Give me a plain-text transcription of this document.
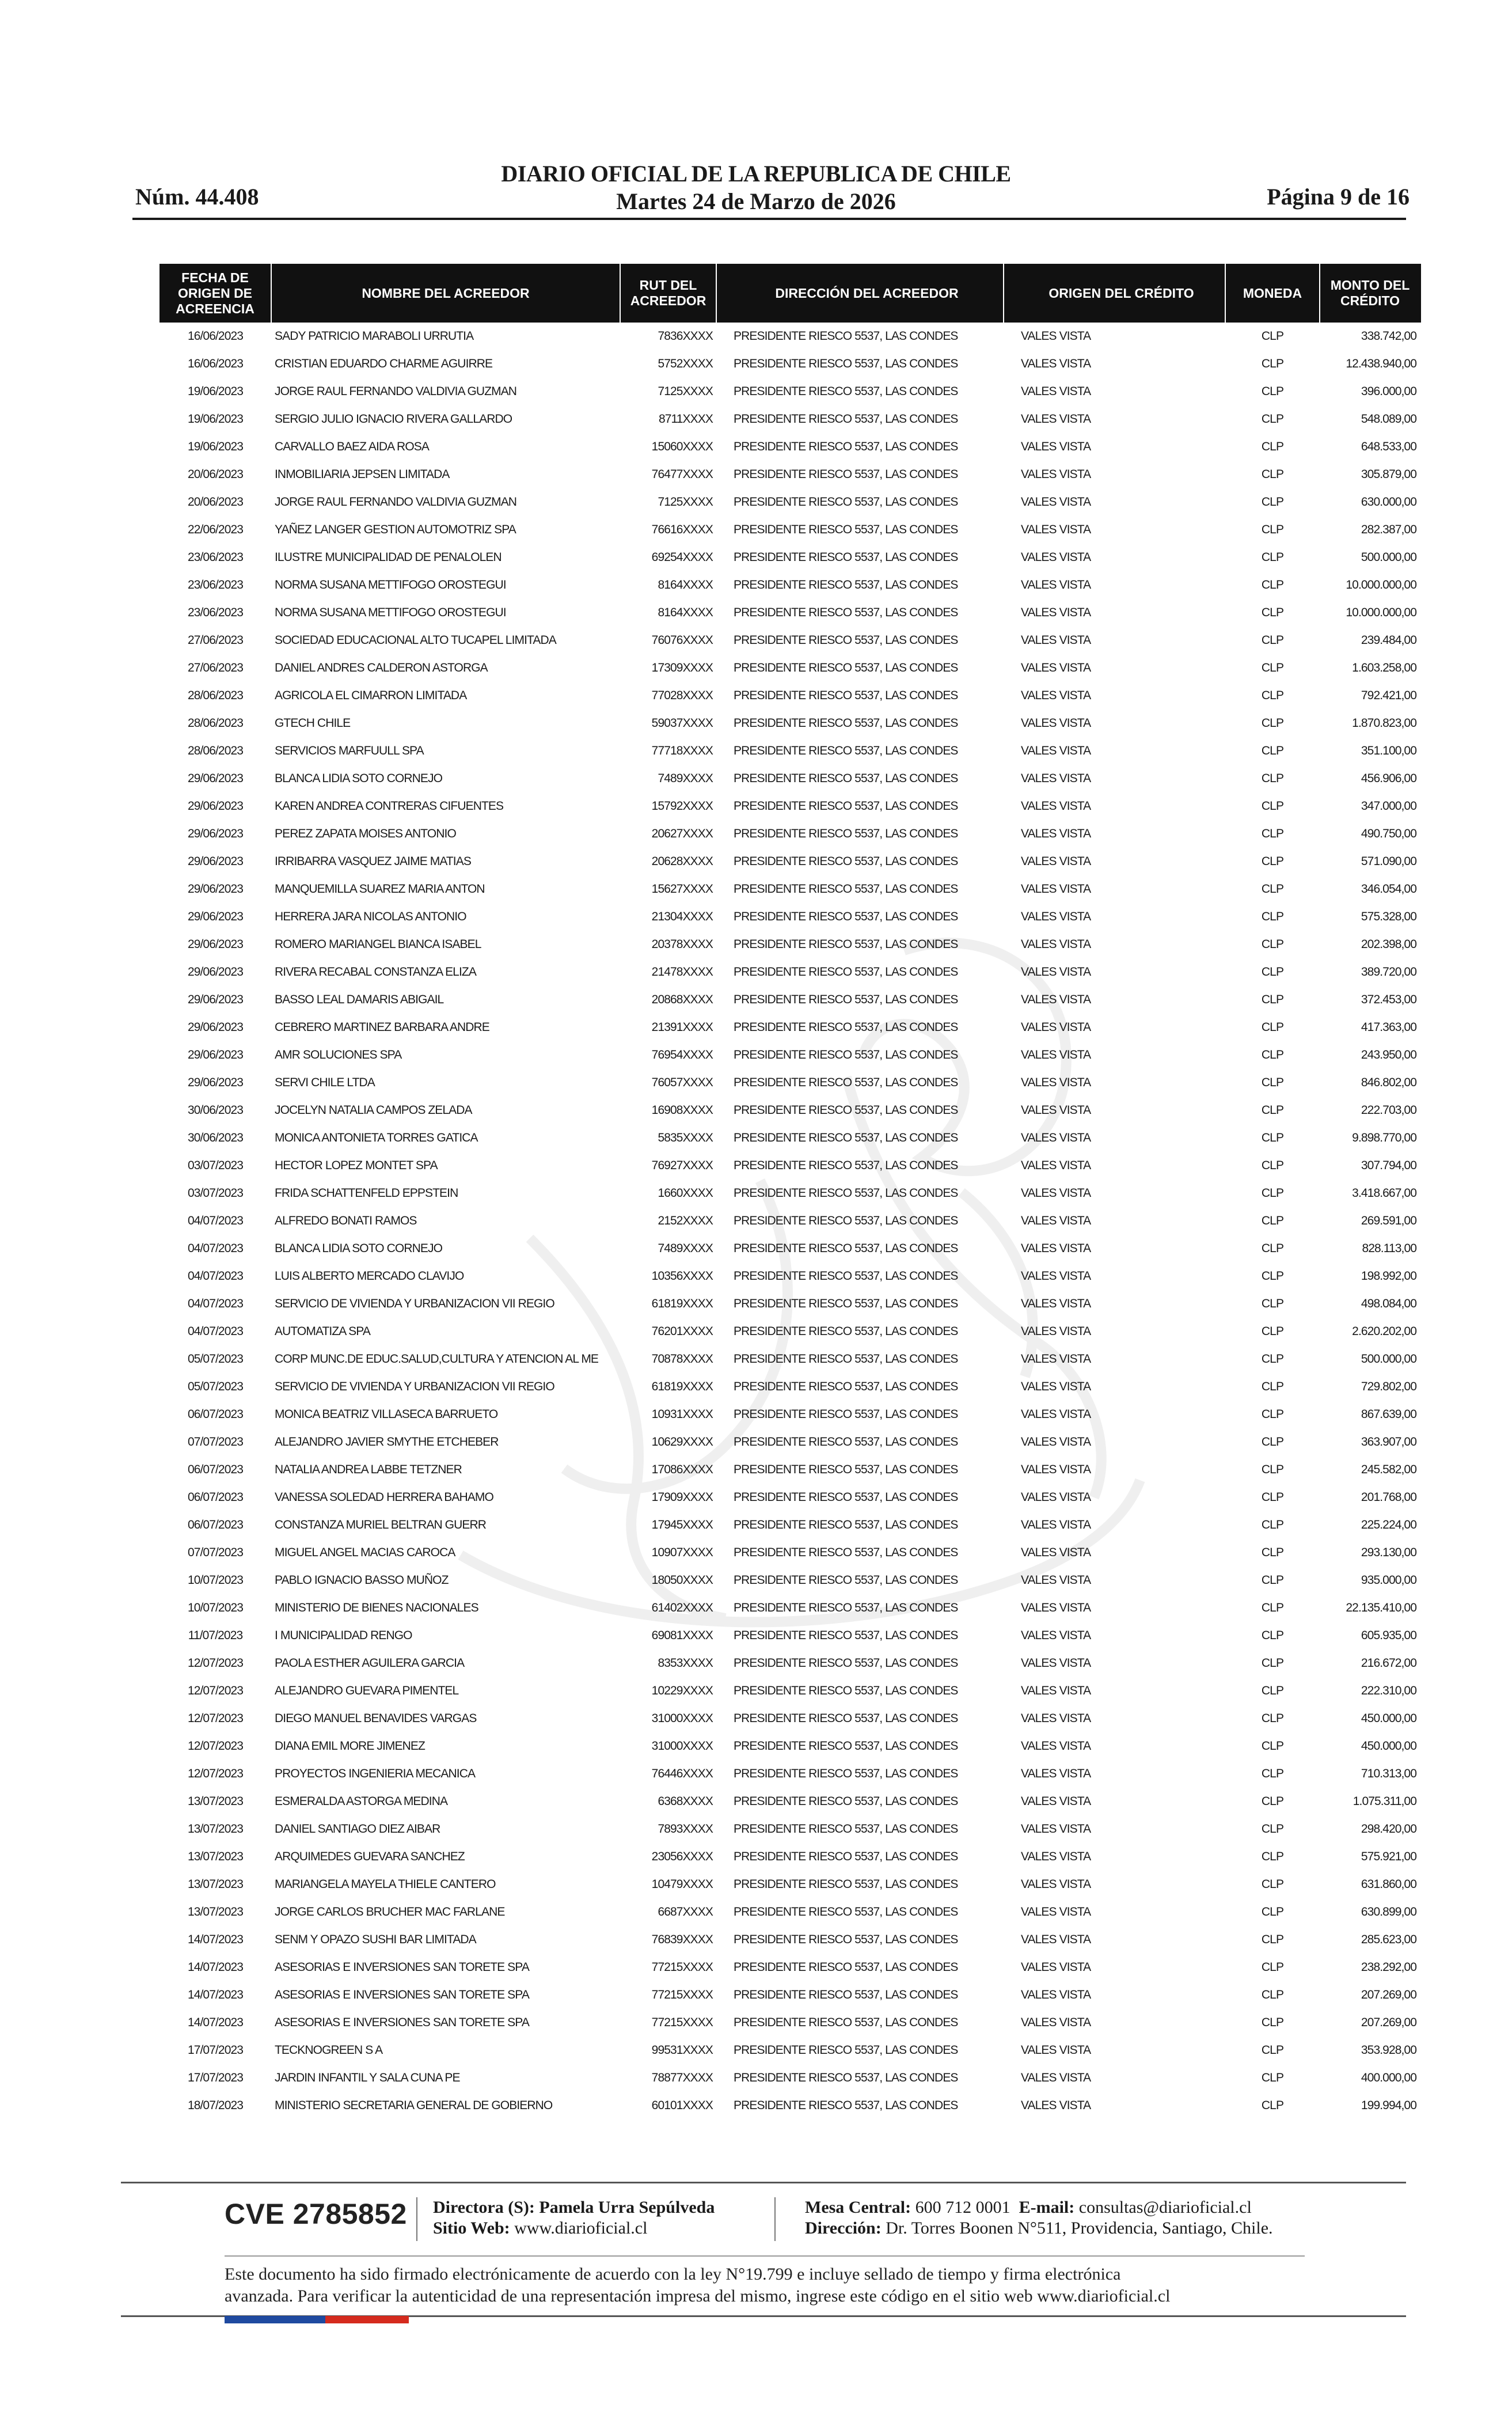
Núm. 44.408
DIARIO OFICIAL DE LA REPUBLICA DE CHILE
Martes 24 de Marzo de 2026	Página 9 de 16
FECHA DE ORIGEN DE ACREENCIA	NOMBRE DEL ACREEDOR	RUT DEL ACREEDOR	DIRECCIÓN DEL ACREEDOR	ORIGEN DEL CRÉDITO	MONEDA	MONTO DEL CRÉDITO
16/06/2023	SADY PATRICIO MARABOLI URRUTIA	7836XXXX	PRESIDENTE RIESCO 5537, LAS CONDES	VALES VISTA	CLP	338.742,00
16/06/2023	CRISTIAN EDUARDO CHARME AGUIRRE	5752XXXX	PRESIDENTE RIESCO 5537, LAS CONDES	VALES VISTA	CLP	12.438.940,00
19/06/2023	JORGE RAUL FERNANDO VALDIVIA GUZMAN	7125XXXX	PRESIDENTE RIESCO 5537, LAS CONDES	VALES VISTA	CLP	396.000,00
19/06/2023	SERGIO JULIO IGNACIO RIVERA GALLARDO	8711XXXX	PRESIDENTE RIESCO 5537, LAS CONDES	VALES VISTA	CLP	548.089,00
19/06/2023	CARVALLO BAEZ AIDA ROSA	15060XXXX	PRESIDENTE RIESCO 5537, LAS CONDES	VALES VISTA	CLP	648.533,00
20/06/2023	INMOBILIARIA JEPSEN LIMITADA	76477XXXX	PRESIDENTE RIESCO 5537, LAS CONDES	VALES VISTA	CLP	305.879,00
20/06/2023	JORGE RAUL FERNANDO VALDIVIA GUZMAN	7125XXXX	PRESIDENTE RIESCO 5537, LAS CONDES	VALES VISTA	CLP	630.000,00
22/06/2023	YAÑEZ LANGER GESTION AUTOMOTRIZ SPA	76616XXXX	PRESIDENTE RIESCO 5537, LAS CONDES	VALES VISTA	CLP	282.387,00
23/06/2023	ILUSTRE MUNICIPALIDAD DE PENALOLEN	69254XXXX	PRESIDENTE RIESCO 5537, LAS CONDES	VALES VISTA	CLP	500.000,00
23/06/2023	NORMA SUSANA METTIFOGO OROSTEGUI	8164XXXX	PRESIDENTE RIESCO 5537, LAS CONDES	VALES VISTA	CLP	10.000.000,00
23/06/2023	NORMA SUSANA METTIFOGO OROSTEGUI	8164XXXX	PRESIDENTE RIESCO 5537, LAS CONDES	VALES VISTA	CLP	10.000.000,00
27/06/2023	SOCIEDAD EDUCACIONAL ALTO TUCAPEL LIMITADA	76076XXXX	PRESIDENTE RIESCO 5537, LAS CONDES	VALES VISTA	CLP	239.484,00
27/06/2023	DANIEL ANDRES CALDERON ASTORGA	17309XXXX	PRESIDENTE RIESCO 5537, LAS CONDES	VALES VISTA	CLP	1.603.258,00
28/06/2023	AGRICOLA EL CIMARRON LIMITADA	77028XXXX	PRESIDENTE RIESCO 5537, LAS CONDES	VALES VISTA	CLP	792.421,00
28/06/2023	GTECH CHILE	59037XXXX	PRESIDENTE RIESCO 5537, LAS CONDES	VALES VISTA	CLP	1.870.823,00
28/06/2023	SERVICIOS MARFUULL SPA	77718XXXX	PRESIDENTE RIESCO 5537, LAS CONDES	VALES VISTA	CLP	351.100,00
29/06/2023	BLANCA LIDIA SOTO CORNEJO	7489XXXX	PRESIDENTE RIESCO 5537, LAS CONDES	VALES VISTA	CLP	456.906,00
29/06/2023	KAREN ANDREA CONTRERAS CIFUENTES	15792XXXX	PRESIDENTE RIESCO 5537, LAS CONDES	VALES VISTA	CLP	347.000,00
29/06/2023	PEREZ ZAPATA MOISES ANTONIO	20627XXXX	PRESIDENTE RIESCO 5537, LAS CONDES	VALES VISTA	CLP	490.750,00
29/06/2023	IRRIBARRA VASQUEZ JAIME MATIAS	20628XXXX	PRESIDENTE RIESCO 5537, LAS CONDES	VALES VISTA	CLP	571.090,00
29/06/2023	MANQUEMILLA SUAREZ MARIA ANTON	15627XXXX	PRESIDENTE RIESCO 5537, LAS CONDES	VALES VISTA	CLP	346.054,00
29/06/2023	HERRERA JARA NICOLAS ANTONIO	21304XXXX	PRESIDENTE RIESCO 5537, LAS CONDES	VALES VISTA	CLP	575.328,00
29/06/2023	ROMERO MARIANGEL BIANCA ISABEL	20378XXXX	PRESIDENTE RIESCO 5537, LAS CONDES	VALES VISTA	CLP	202.398,00
29/06/2023	RIVERA RECABAL CONSTANZA ELIZA	21478XXXX	PRESIDENTE RIESCO 5537, LAS CONDES	VALES VISTA	CLP	389.720,00
29/06/2023	BASSO LEAL DAMARIS ABIGAIL	20868XXXX	PRESIDENTE RIESCO 5537, LAS CONDES	VALES VISTA	CLP	372.453,00
29/06/2023	CEBRERO MARTINEZ BARBARA ANDRE	21391XXXX	PRESIDENTE RIESCO 5537, LAS CONDES	VALES VISTA	CLP	417.363,00
29/06/2023	AMR SOLUCIONES SPA	76954XXXX	PRESIDENTE RIESCO 5537, LAS CONDES	VALES VISTA	CLP	243.950,00
29/06/2023	SERVI CHILE LTDA	76057XXXX	PRESIDENTE RIESCO 5537, LAS CONDES	VALES VISTA	CLP	846.802,00
30/06/2023	JOCELYN NATALIA CAMPOS ZELADA	16908XXXX	PRESIDENTE RIESCO 5537, LAS CONDES	VALES VISTA	CLP	222.703,00
30/06/2023	MONICA ANTONIETA TORRES GATICA	5835XXXX	PRESIDENTE RIESCO 5537, LAS CONDES	VALES VISTA	CLP	9.898.770,00
03/07/2023	HECTOR LOPEZ MONTET SPA	76927XXXX	PRESIDENTE RIESCO 5537, LAS CONDES	VALES VISTA	CLP	307.794,00
03/07/2023	FRIDA SCHATTENFELD EPPSTEIN	1660XXXX	PRESIDENTE RIESCO 5537, LAS CONDES	VALES VISTA	CLP	3.418.667,00
04/07/2023	ALFREDO BONATI RAMOS	2152XXXX	PRESIDENTE RIESCO 5537, LAS CONDES	VALES VISTA	CLP	269.591,00
04/07/2023	BLANCA LIDIA SOTO CORNEJO	7489XXXX	PRESIDENTE RIESCO 5537, LAS CONDES	VALES VISTA	CLP	828.113,00
04/07/2023	LUIS ALBERTO MERCADO CLAVIJO	10356XXXX	PRESIDENTE RIESCO 5537, LAS CONDES	VALES VISTA	CLP	198.992,00
04/07/2023	SERVICIO DE VIVIENDA Y URBANIZACION VII REGIO	61819XXXX	PRESIDENTE RIESCO 5537, LAS CONDES	VALES VISTA	CLP	498.084,00
04/07/2023	AUTOMATIZA SPA	76201XXXX	PRESIDENTE RIESCO 5537, LAS CONDES	VALES VISTA	CLP	2.620.202,00
05/07/2023	CORP MUNC.DE EDUC.SALUD,CULTURA Y ATENCION AL ME	70878XXXX	PRESIDENTE RIESCO 5537, LAS CONDES	VALES VISTA	CLP	500.000,00
05/07/2023	SERVICIO DE VIVIENDA Y URBANIZACION VII REGIO	61819XXXX	PRESIDENTE RIESCO 5537, LAS CONDES	VALES VISTA	CLP	729.802,00
06/07/2023	MONICA BEATRIZ VILLASECA BARRUETO	10931XXXX	PRESIDENTE RIESCO 5537, LAS CONDES	VALES VISTA	CLP	867.639,00
07/07/2023	ALEJANDRO JAVIER SMYTHE ETCHEBER	10629XXXX	PRESIDENTE RIESCO 5537, LAS CONDES	VALES VISTA	CLP	363.907,00
06/07/2023	NATALIA ANDREA LABBE TETZNER	17086XXXX	PRESIDENTE RIESCO 5537, LAS CONDES	VALES VISTA	CLP	245.582,00
06/07/2023	VANESSA SOLEDAD HERRERA BAHAMO	17909XXXX	PRESIDENTE RIESCO 5537, LAS CONDES	VALES VISTA	CLP	201.768,00
06/07/2023	CONSTANZA MURIEL BELTRAN GUERR	17945XXXX	PRESIDENTE RIESCO 5537, LAS CONDES	VALES VISTA	CLP	225.224,00
07/07/2023	MIGUEL ANGEL MACIAS CAROCA	10907XXXX	PRESIDENTE RIESCO 5537, LAS CONDES	VALES VISTA	CLP	293.130,00
10/07/2023	PABLO IGNACIO BASSO MUÑOZ	18050XXXX	PRESIDENTE RIESCO 5537, LAS CONDES	VALES VISTA	CLP	935.000,00
10/07/2023	MINISTERIO DE BIENES NACIONALES	61402XXXX	PRESIDENTE RIESCO 5537, LAS CONDES	VALES VISTA	CLP	22.135.410,00
11/07/2023	I MUNICIPALIDAD RENGO	69081XXXX	PRESIDENTE RIESCO 5537, LAS CONDES	VALES VISTA	CLP	605.935,00
12/07/2023	PAOLA ESTHER AGUILERA GARCIA	8353XXXX	PRESIDENTE RIESCO 5537, LAS CONDES	VALES VISTA	CLP	216.672,00
12/07/2023	ALEJANDRO GUEVARA PIMENTEL	10229XXXX	PRESIDENTE RIESCO 5537, LAS CONDES	VALES VISTA	CLP	222.310,00
12/07/2023	DIEGO MANUEL BENAVIDES VARGAS	31000XXXX	PRESIDENTE RIESCO 5537, LAS CONDES	VALES VISTA	CLP	450.000,00
12/07/2023	DIANA EMIL MORE JIMENEZ	31000XXXX	PRESIDENTE RIESCO 5537, LAS CONDES	VALES VISTA	CLP	450.000,00
12/07/2023	PROYECTOS INGENIERIA MECANICA	76446XXXX	PRESIDENTE RIESCO 5537, LAS CONDES	VALES VISTA	CLP	710.313,00
13/07/2023	ESMERALDA ASTORGA MEDINA	6368XXXX	PRESIDENTE RIESCO 5537, LAS CONDES	VALES VISTA	CLP	1.075.311,00
13/07/2023	DANIEL SANTIAGO DIEZ AIBAR	7893XXXX	PRESIDENTE RIESCO 5537, LAS CONDES	VALES VISTA	CLP	298.420,00
13/07/2023	ARQUIMEDES GUEVARA SANCHEZ	23056XXXX	PRESIDENTE RIESCO 5537, LAS CONDES	VALES VISTA	CLP	575.921,00
13/07/2023	MARIANGELA MAYELA THIELE CANTERO	10479XXXX	PRESIDENTE RIESCO 5537, LAS CONDES	VALES VISTA	CLP	631.860,00
13/07/2023	JORGE CARLOS BRUCHER MAC FARLANE	6687XXXX	PRESIDENTE RIESCO 5537, LAS CONDES	VALES VISTA	CLP	630.899,00
14/07/2023	SENM Y OPAZO SUSHI BAR LIMITADA	76839XXXX	PRESIDENTE RIESCO 5537, LAS CONDES	VALES VISTA	CLP	285.623,00
14/07/2023	ASESORIAS E INVERSIONES SAN TORETE SPA	77215XXXX	PRESIDENTE RIESCO 5537, LAS CONDES	VALES VISTA	CLP	238.292,00
14/07/2023	ASESORIAS E INVERSIONES SAN TORETE SPA	77215XXXX	PRESIDENTE RIESCO 5537, LAS CONDES	VALES VISTA	CLP	207.269,00
14/07/2023	ASESORIAS E INVERSIONES SAN TORETE SPA	77215XXXX	PRESIDENTE RIESCO 5537, LAS CONDES	VALES VISTA	CLP	207.269,00
17/07/2023	TECKNOGREEN S A	99531XXXX	PRESIDENTE RIESCO 5537, LAS CONDES	VALES VISTA	CLP	353.928,00
17/07/2023	JARDIN INFANTIL Y SALA CUNA PE	78877XXXX	PRESIDENTE RIESCO 5537, LAS CONDES	VALES VISTA	CLP	400.000,00
18/07/2023	MINISTERIO SECRETARIA GENERAL DE GOBIERNO	60101XXXX	PRESIDENTE RIESCO 5537, LAS CONDES	VALES VISTA	CLP	199.994,00
CVE 2785852 Directora (S): Pamela Urra Sepúlveda
Sitio Web: www.diarioficial.cl
Mesa Central: 600 712 0001 E-mail: consultas@diarioficial.cl
Dirección: Dr. Torres Boonen N°511, Providencia, Santiago, Chile.
Este documento ha sido firmado electrónicamente de acuerdo con la ley N°19.799 e incluye sellado de tiempo y firma electrónica
avanzada. Para verificar la autenticidad de una representación impresa del mismo, ingrese este código en el sitio web www.diarioficial.cl
